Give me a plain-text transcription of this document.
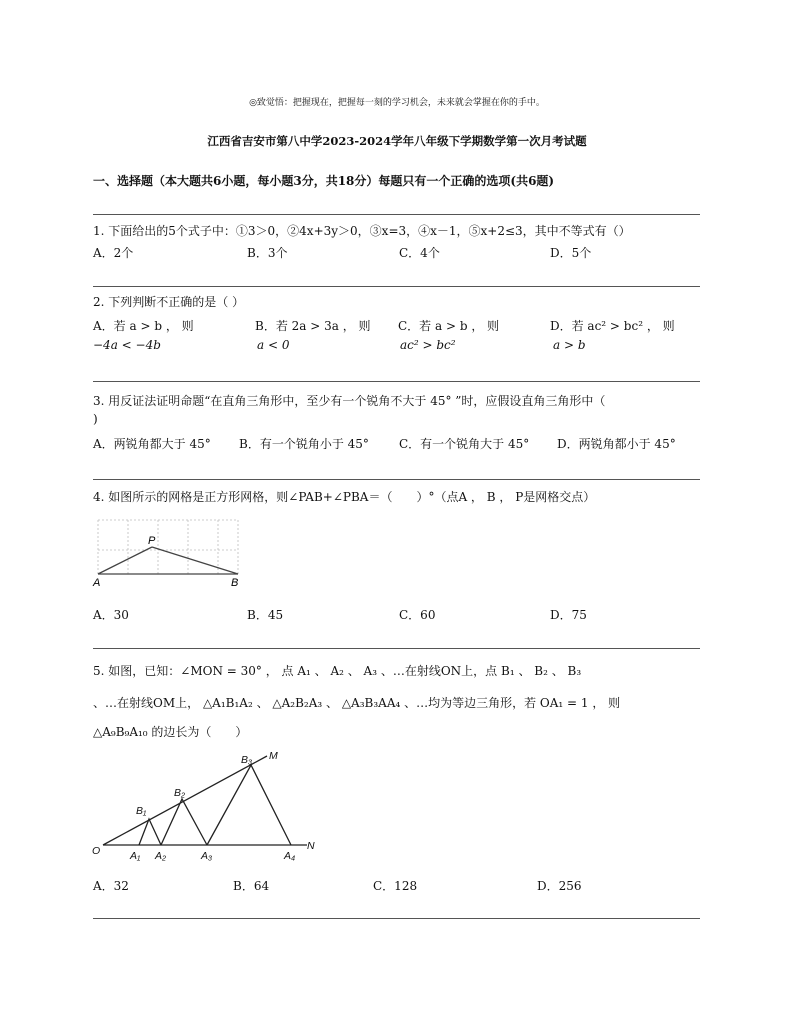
◎致觉悟：把握现在，把握每一刻的学习机会，未来就会掌握在你的手中。
江西省吉安市第八中学2023-2024学年八年级下学期数学第一次月考试题
一、选择题（本大题共6小题，每小题3分，共18分）每题只有一个正确的选项(共6题)
1. 下面给出的5个式子中：①3＞0，②4x+3y＞0，③x=3，④x－1，⑤x+2≤3，其中不等式有（）
A．2个	B．3个	C．4个	D．5个
2. 下列判断不正确的是（ ）
A．若 a > b ， 则
−4a < −4b
B．若 2a > 3a ， 则
a < 0
C．若 a > b ， 则
ac² > bc²
D．若 ac² > bc² ， 则
a > b
3. 用反证法证明命题“在直角三角形中，至少有一个锐角不大于 45° ”时，应假设直角三角形中（
)
A．两锐角都大于 45° B．有一个锐角小于 45°	C．有一个锐角大于 45° D．两锐角都小于 45°
4. 如图所示的网格是正方形网格，则∠PAB+∠PBA＝（　　）°（点A ， B ， P是网格交点）
P
A	B
A．30	B．45	C．60	D．75
5. 如图，已知：∠MON = 30° ， 点 A₁ 、 A₂ 、 A₃ 、…在射线ON上，点 B₁ 、 B₂ 、 B₃
、…在射线OM上， △A₁B₁A₂ 、 △A₂B₂A₃ 、 △A₃B₃AA₄ 、…均为等边三角形，若 OA₁ = 1 ， 则
△A₉B₉A₁₀ 的边长为（　　）
O
M
N
A₁ A₂	A₃	A₄
B₁
B₂
B₃
A．32	B．64	C．128	D．256
